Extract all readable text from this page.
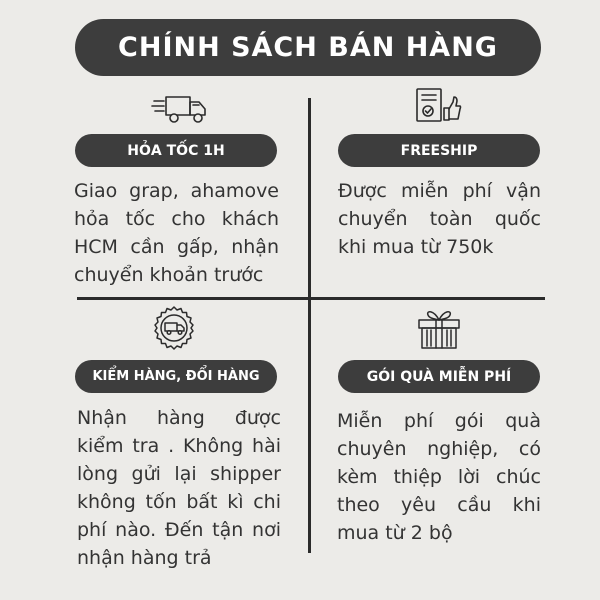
CHÍNH SÁCH BÁN HÀNG
HỎA TỐC 1H
Giao grap, ahamove hỏa tốc cho khách HCM cần gấp, nhận chuyển khoản trước
FREESHIP
Được miễn phí vận chuyển toàn quốc khi mua từ 750k
KIỂM HÀNG, ĐỔI HÀNG
Nhận hàng được kiểm tra . Không hài lòng gửi lại shipper không tốn bất kì chi phí nào. Đến tận nơi nhận hàng trả
GÓI QUÀ MIỄN PHÍ
Miễn phí gói quà chuyên nghiệp, có kèm thiệp lời chúc theo yêu cầu khi mua từ 2 bộ
